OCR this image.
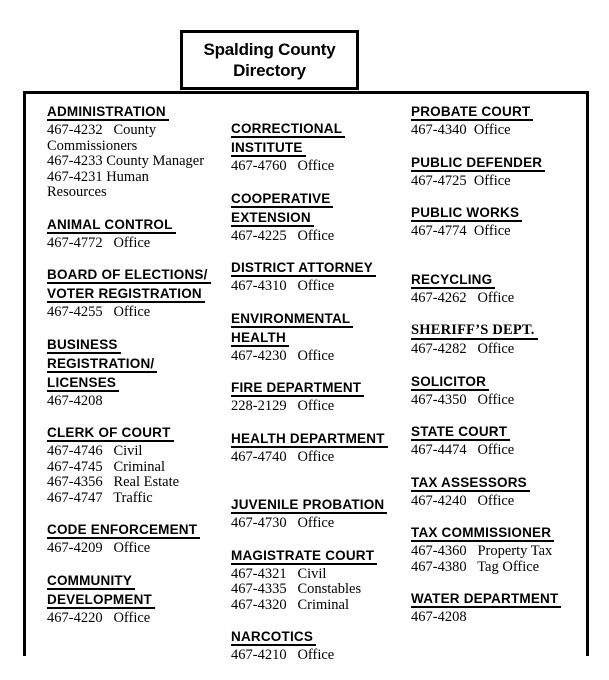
Spalding County
Directory
ADMINISTRATION
467-4232   County
Commissioners
467-4233 County Manager
467-4231 Human
Resources
ANIMAL CONTROL
467-4772   Office
BOARD OF ELECTIONS/
VOTER REGISTRATION
467-4255   Office
BUSINESS
REGISTRATION/
LICENSES
467-4208
CLERK OF COURT
467-4746   Civil
467-4745   Criminal
467-4356   Real Estate
467-4747   Traffic
CODE ENFORCEMENT
467-4209   Office
COMMUNITY
DEVELOPMENT
467-4220   Office
CORRECTIONAL
INSTITUTE
467-4760   Office
COOPERATIVE
EXTENSION
467-4225   Office
DISTRICT ATTORNEY
467-4310   Office
ENVIRONMENTAL
HEALTH
467-4230   Office
FIRE DEPARTMENT
228-2129   Office
HEALTH DEPARTMENT
467-4740   Office
JUVENILE PROBATION
467-4730   Office
MAGISTRATE COURT
467-4321   Civil
467-4335   Constables
467-4320   Criminal
NARCOTICS
467-4210   Office
PROBATE COURT
467-4340  Office
PUBLIC DEFENDER
467-4725  Office
PUBLIC WORKS
467-4774  Office
RECYCLING
467-4262   Office
SHERIFF’S DEPT.
467-4282   Office
SOLICITOR
467-4350   Office
STATE COURT
467-4474   Office
TAX ASSESSORS
467-4240   Office
TAX COMMISSIONER
467-4360   Property Tax
467-4380   Tag Office
WATER DEPARTMENT
467-4208
